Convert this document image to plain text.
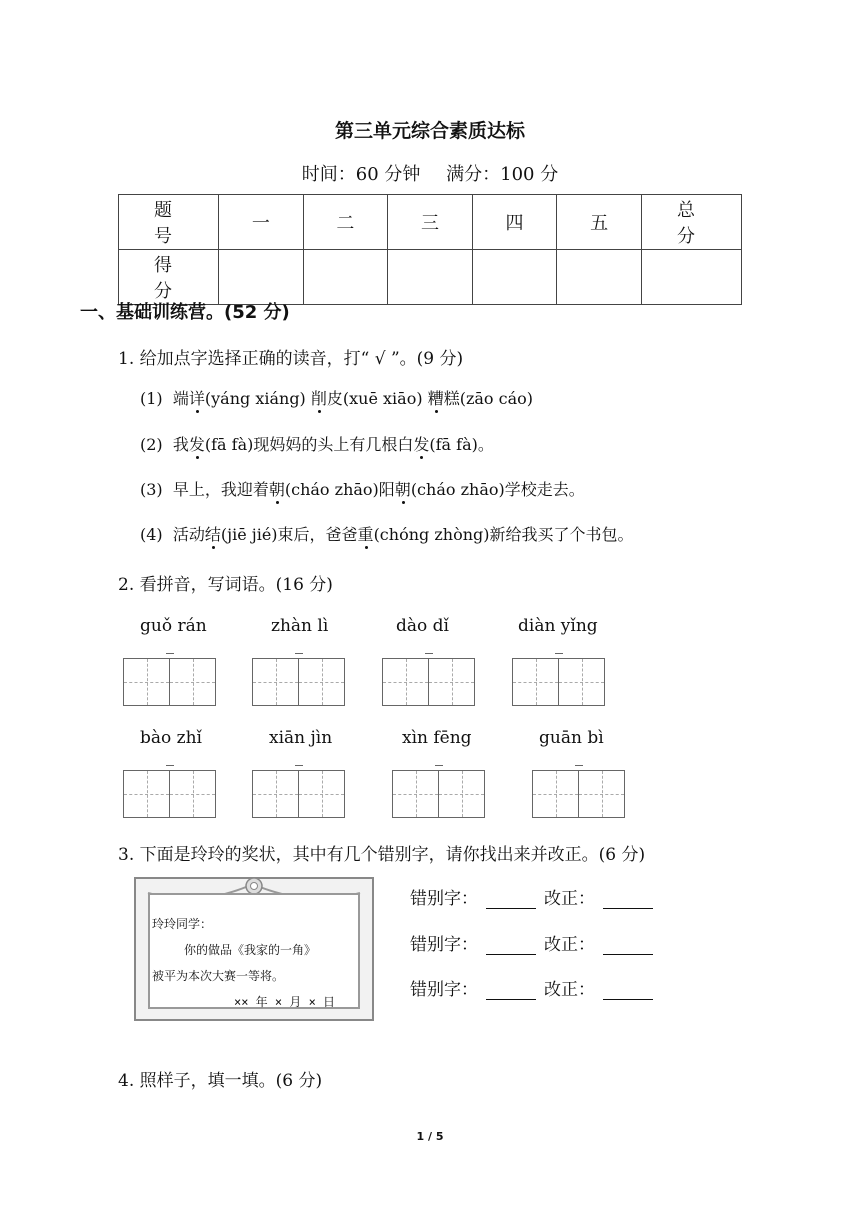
第三单元综合素质达标
时间：60 分钟 满分：100 分
题 号	一	二	三	四	五	总 分
得 分						
一、基础训练营。(52 分)
1. 给加点字选择正确的读音，打“ √ ”。(9 分)
(1) 端详(yáng xiáng) 削皮(xuē xiāo) 糟糕(zāo cáo)
(2) 我发(fā fà)现妈妈的头上有几根白发(fā fà)。
(3) 早上，我迎着朝(cháo zhāo)阳朝(cháo zhāo)学校走去。
(4) 活动结(jiē jié)束后，爸爸重(chóng zhòng)新给我买了个书包。
2. 看拼音，写词语。(16 分)
guǒ rán	zhàn lì	dào dǐ	diàn yǐng
bào zhǐ	xiān jìn	xìn fēng	guān bì
3. 下面是玲玲的奖状，其中有几个错别字，请你找出来并改正。(6 分)
玲玲同学：
你的做品《我家的一角》
被平为本次大赛一等将。
×× 年 × 月 × 日
错别字：	改正：
错别字：	改正：
错别字：	改正：
4. 照样子，填一填。(6 分)
1 / 5
